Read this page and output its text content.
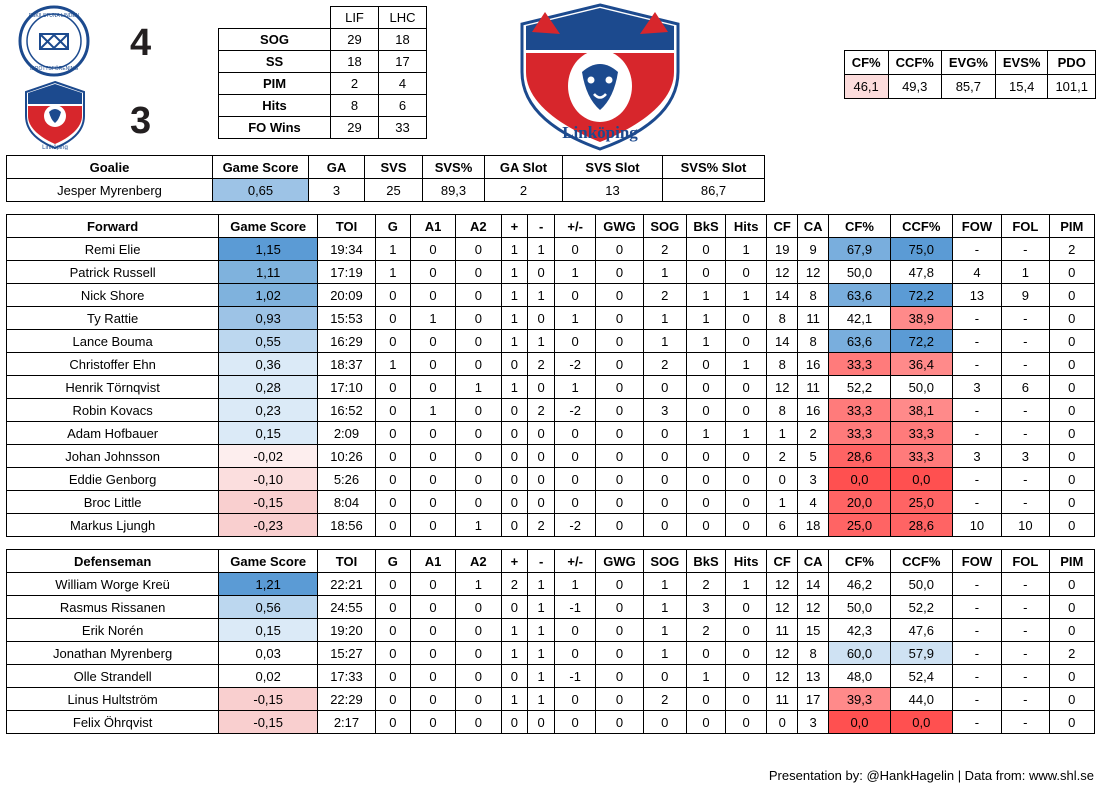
ESKILSTUNA LINDEN
IDROTTSFÖRENING
Linköping
4
3
	LIF	LHC
SOG	29	18
SS	18	17
PIM	2	4
Hits	8	6
FO Wins	29	33	Linköping
CF%	CCF%	EVG%	EVS%	PDO
46,1	49,3	85,7	15,4	101,1
Goalie	Game Score	GA	SVS	SVS%	GA Slot	SVS Slot	SVS% Slot	
Jesper Myrenberg	0,65	3	25	89,3	2	13	86,7	
Forward	Game Score	TOI	G	A1	A2	+	-	+/-	GWG	SOG	BkS	Hits	CF	CA	CF%	CCF%	FOW	FOL	PIM
Remi Elie	1,15	19:34	1	0	0	1	1	0	0	2	0	1	19	9	67,9	75,0	-	-	2
Patrick Russell	1,11	17:19	1	0	0	1	0	1	0	1	0	0	12	12	50,0	47,8	4	1	0
Nick Shore	1,02	20:09	0	0	0	1	1	0	0	2	1	1	14	8	63,6	72,2	13	9	0
Ty Rattie	0,93	15:53	0	1	0	1	0	1	0	1	1	0	8	11	42,1	38,9	-	-	0
Lance Bouma	0,55	16:29	0	0	0	1	1	0	0	1	1	0	14	8	63,6	72,2	-	-	0
Christoffer Ehn	0,36	18:37	1	0	0	0	2	-2	0	2	0	1	8	16	33,3	36,4	-	-	0
Henrik Törnqvist	0,28	17:10	0	0	1	1	0	1	0	0	0	0	12	11	52,2	50,0	3	6	0
Robin Kovacs	0,23	16:52	0	1	0	0	2	-2	0	3	0	0	8	16	33,3	38,1	-	-	0
Adam Hofbauer	0,15	2:09	0	0	0	0	0	0	0	0	1	1	1	2	33,3	33,3	-	-	0
Johan Johnsson	-0,02	10:26	0	0	0	0	0	0	0	0	0	0	2	5	28,6	33,3	3	3	0
Eddie Genborg	-0,10	5:26	0	0	0	0	0	0	0	0	0	0	0	3	0,0	0,0	-	-	0
Broc Little	-0,15	8:04	0	0	0	0	0	0	0	0	0	0	1	4	20,0	25,0	-	-	0
Markus Ljungh	-0,23	18:56	0	0	1	0	2	-2	0	0	0	0	6	18	25,0	28,6	10	10	0
Defenseman	Game Score	TOI	G	A1	A2	+	-	+/-	GWG	SOG	BkS	Hits	CF	CA	CF%	CCF%	FOW	FOL	PIM
William Worge Kreü	1,21	22:21	0	0	1	2	1	1	0	1	2	1	12	14	46,2	50,0	-	-	0
Rasmus Rissanen	0,56	24:55	0	0	0	0	1	-1	0	1	3	0	12	12	50,0	52,2	-	-	0
Erik Norén	0,15	19:20	0	0	0	1	1	0	0	1	2	0	11	15	42,3	47,6	-	-	0
Jonathan Myrenberg	0,03	15:27	0	0	0	1	1	0	0	1	0	0	12	8	60,0	57,9	-	-	2
Olle Strandell	0,02	17:33	0	0	0	0	1	-1	0	0	1	0	12	13	48,0	52,4	-	-	0
Linus Hultström	-0,15	22:29	0	0	0	1	1	0	0	2	0	0	11	17	39,3	44,0	-	-	0
Felix Öhrqvist	-0,15	2:17	0	0	0	0	0	0	0	0	0	0	0	3	0,0	0,0	-	-	0
Presentation by: @HankHagelin | Data from: www.shl.se
